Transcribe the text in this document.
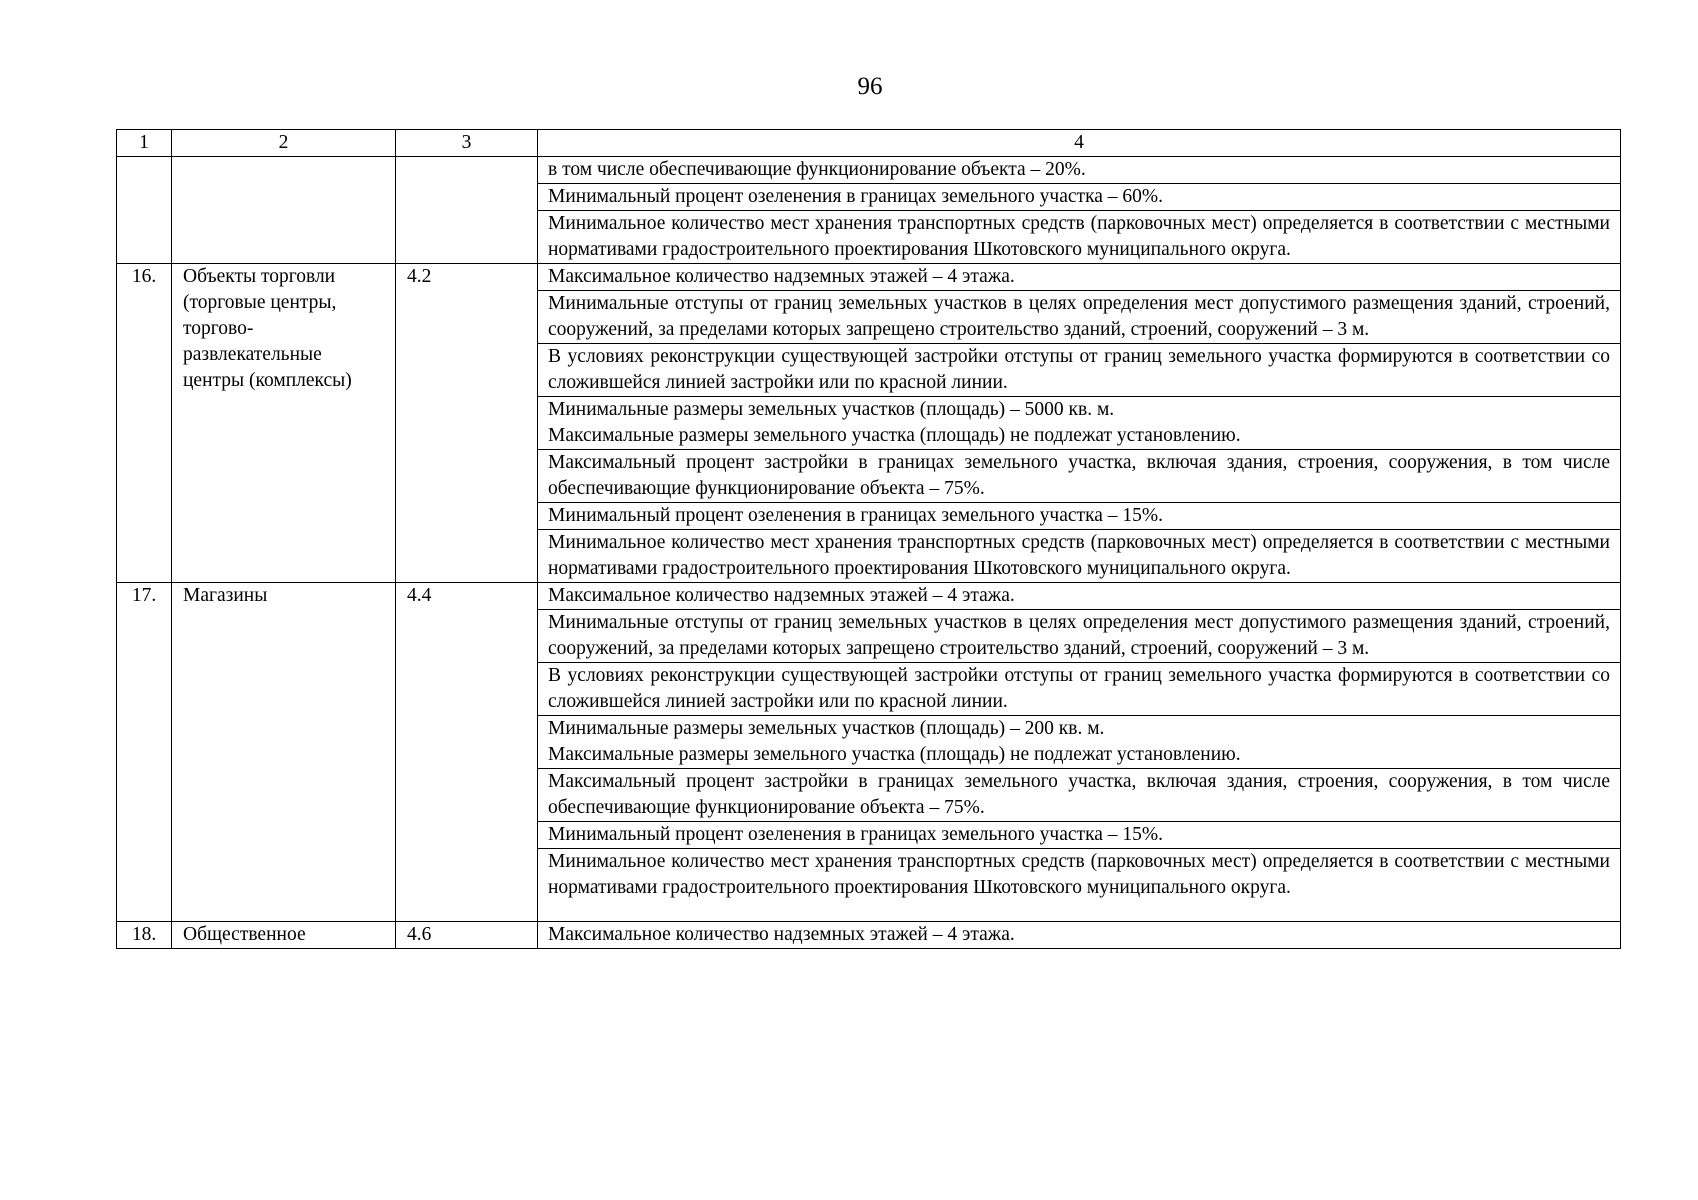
96
1	2	3	4

			в том числе обеспечивающие функционирование объекта – 20%.

			Минимальный процент озеленения в границах земельного участка – 60%.

			Минимальное количество мест хранения транспортных средств (парковочных мест) определяется в соответствии с местными нормативами градостроительного проектирования Шкотовского муниципального округа.

16.	Объекты торговли (торговые центры, торгово-развлекательные центры (комплексы)	4.2	Максимальное количество надземных этажей – 4 этажа.

			Минимальные отступы от границ земельных участков в целях определения мест допустимого размещения зданий, строений, сооружений, за пределами которых запрещено строительство зданий, строений, сооружений – 3 м.

			В условиях реконструкции существующей застройки отступы от границ земельного участка формируются в соответствии со сложившейся линией застройки или по красной линии.

			Минимальные размеры земельных участков (площадь) – 5000 кв. м.
Максимальные размеры земельного участка (площадь) не подлежат установлению.

			Максимальный процент застройки в границах земельного участка, включая здания, строения, сооружения, в том числе обеспечивающие функционирование объекта – 75%.

			Минимальный процент озеленения в границах земельного участка – 15%.

			Минимальное количество мест хранения транспортных средств (парковочных мест) определяется в соответствии с местными нормативами градостроительного проектирования Шкотовского муниципального округа.

17.	Магазины	4.4	Максимальное количество надземных этажей – 4 этажа.

			Минимальные отступы от границ земельных участков в целях определения мест допустимого размещения зданий, строений, сооружений, за пределами которых запрещено строительство зданий, строений, сооружений – 3 м.

			В условиях реконструкции существующей застройки отступы от границ земельного участка формируются в соответствии со сложившейся линией застройки или по красной линии.

			Минимальные размеры земельных участков (площадь) – 200 кв. м.
Максимальные размеры земельного участка (площадь) не подлежат установлению.

			Максимальный процент застройки в границах земельного участка, включая здания, строения, сооружения, в том числе обеспечивающие функционирование объекта – 75%.

			Минимальный процент озеленения в границах земельного участка – 15%.

			Минимальное количество мест хранения транспортных средств (парковочных мест) определяется в соответствии с местными нормативами градостроительного проектирования Шкотовского муниципального округа.

18.	Общественное	4.6	Максимальное количество надземных этажей – 4 этажа.
